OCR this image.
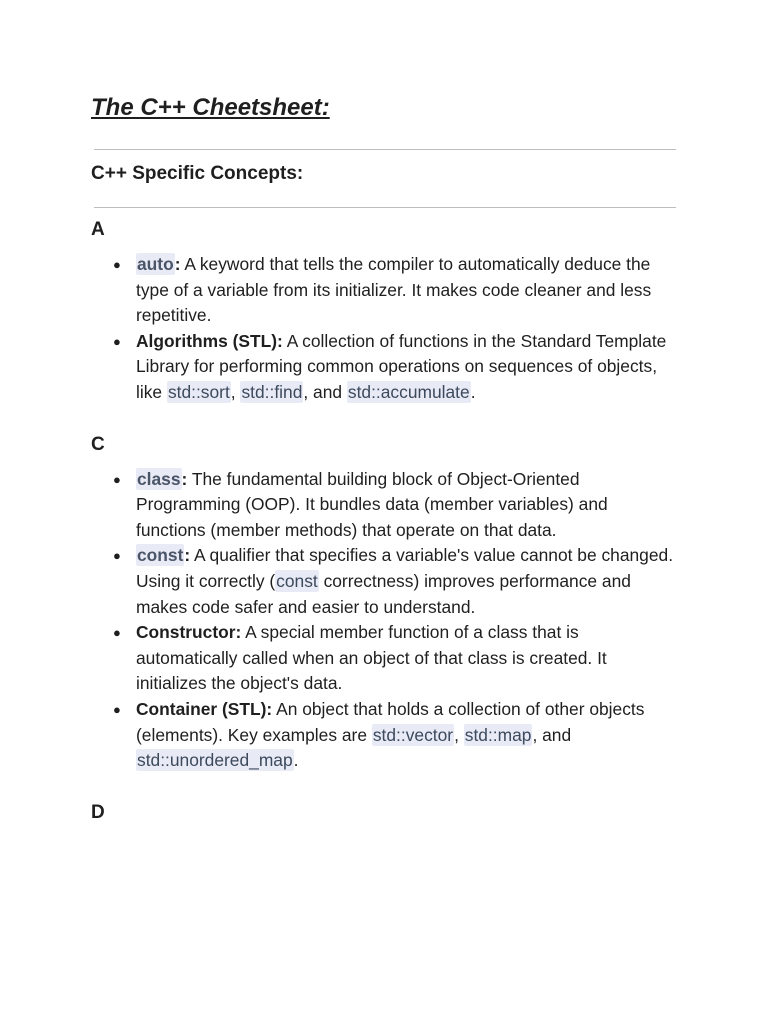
The C++ Cheetsheet:
C++ Specific Concepts:
A
● auto: A keyword that tells the compiler to automatically deduce the type of a variable from its initializer. It makes code cleaner and less repetitive.
● Algorithms (STL): A collection of functions in the Standard Template Library for performing common operations on sequences of objects, like std::sort, std::find, and std::accumulate.
C
● class: The fundamental building block of Object-Oriented Programming (OOP). It bundles data (member variables) and functions (member methods) that operate on that data.
● const: A qualifier that specifies a variable's value cannot be changed. Using it correctly (const correctness) improves performance and makes code safer and easier to understand.
● Constructor: A special member function of a class that is automatically called when an object of that class is created. It initializes the object's data.
● Container (STL): An object that holds a collection of other objects (elements). Key examples are std::vector, std::map, and std::unordered_map.
D
